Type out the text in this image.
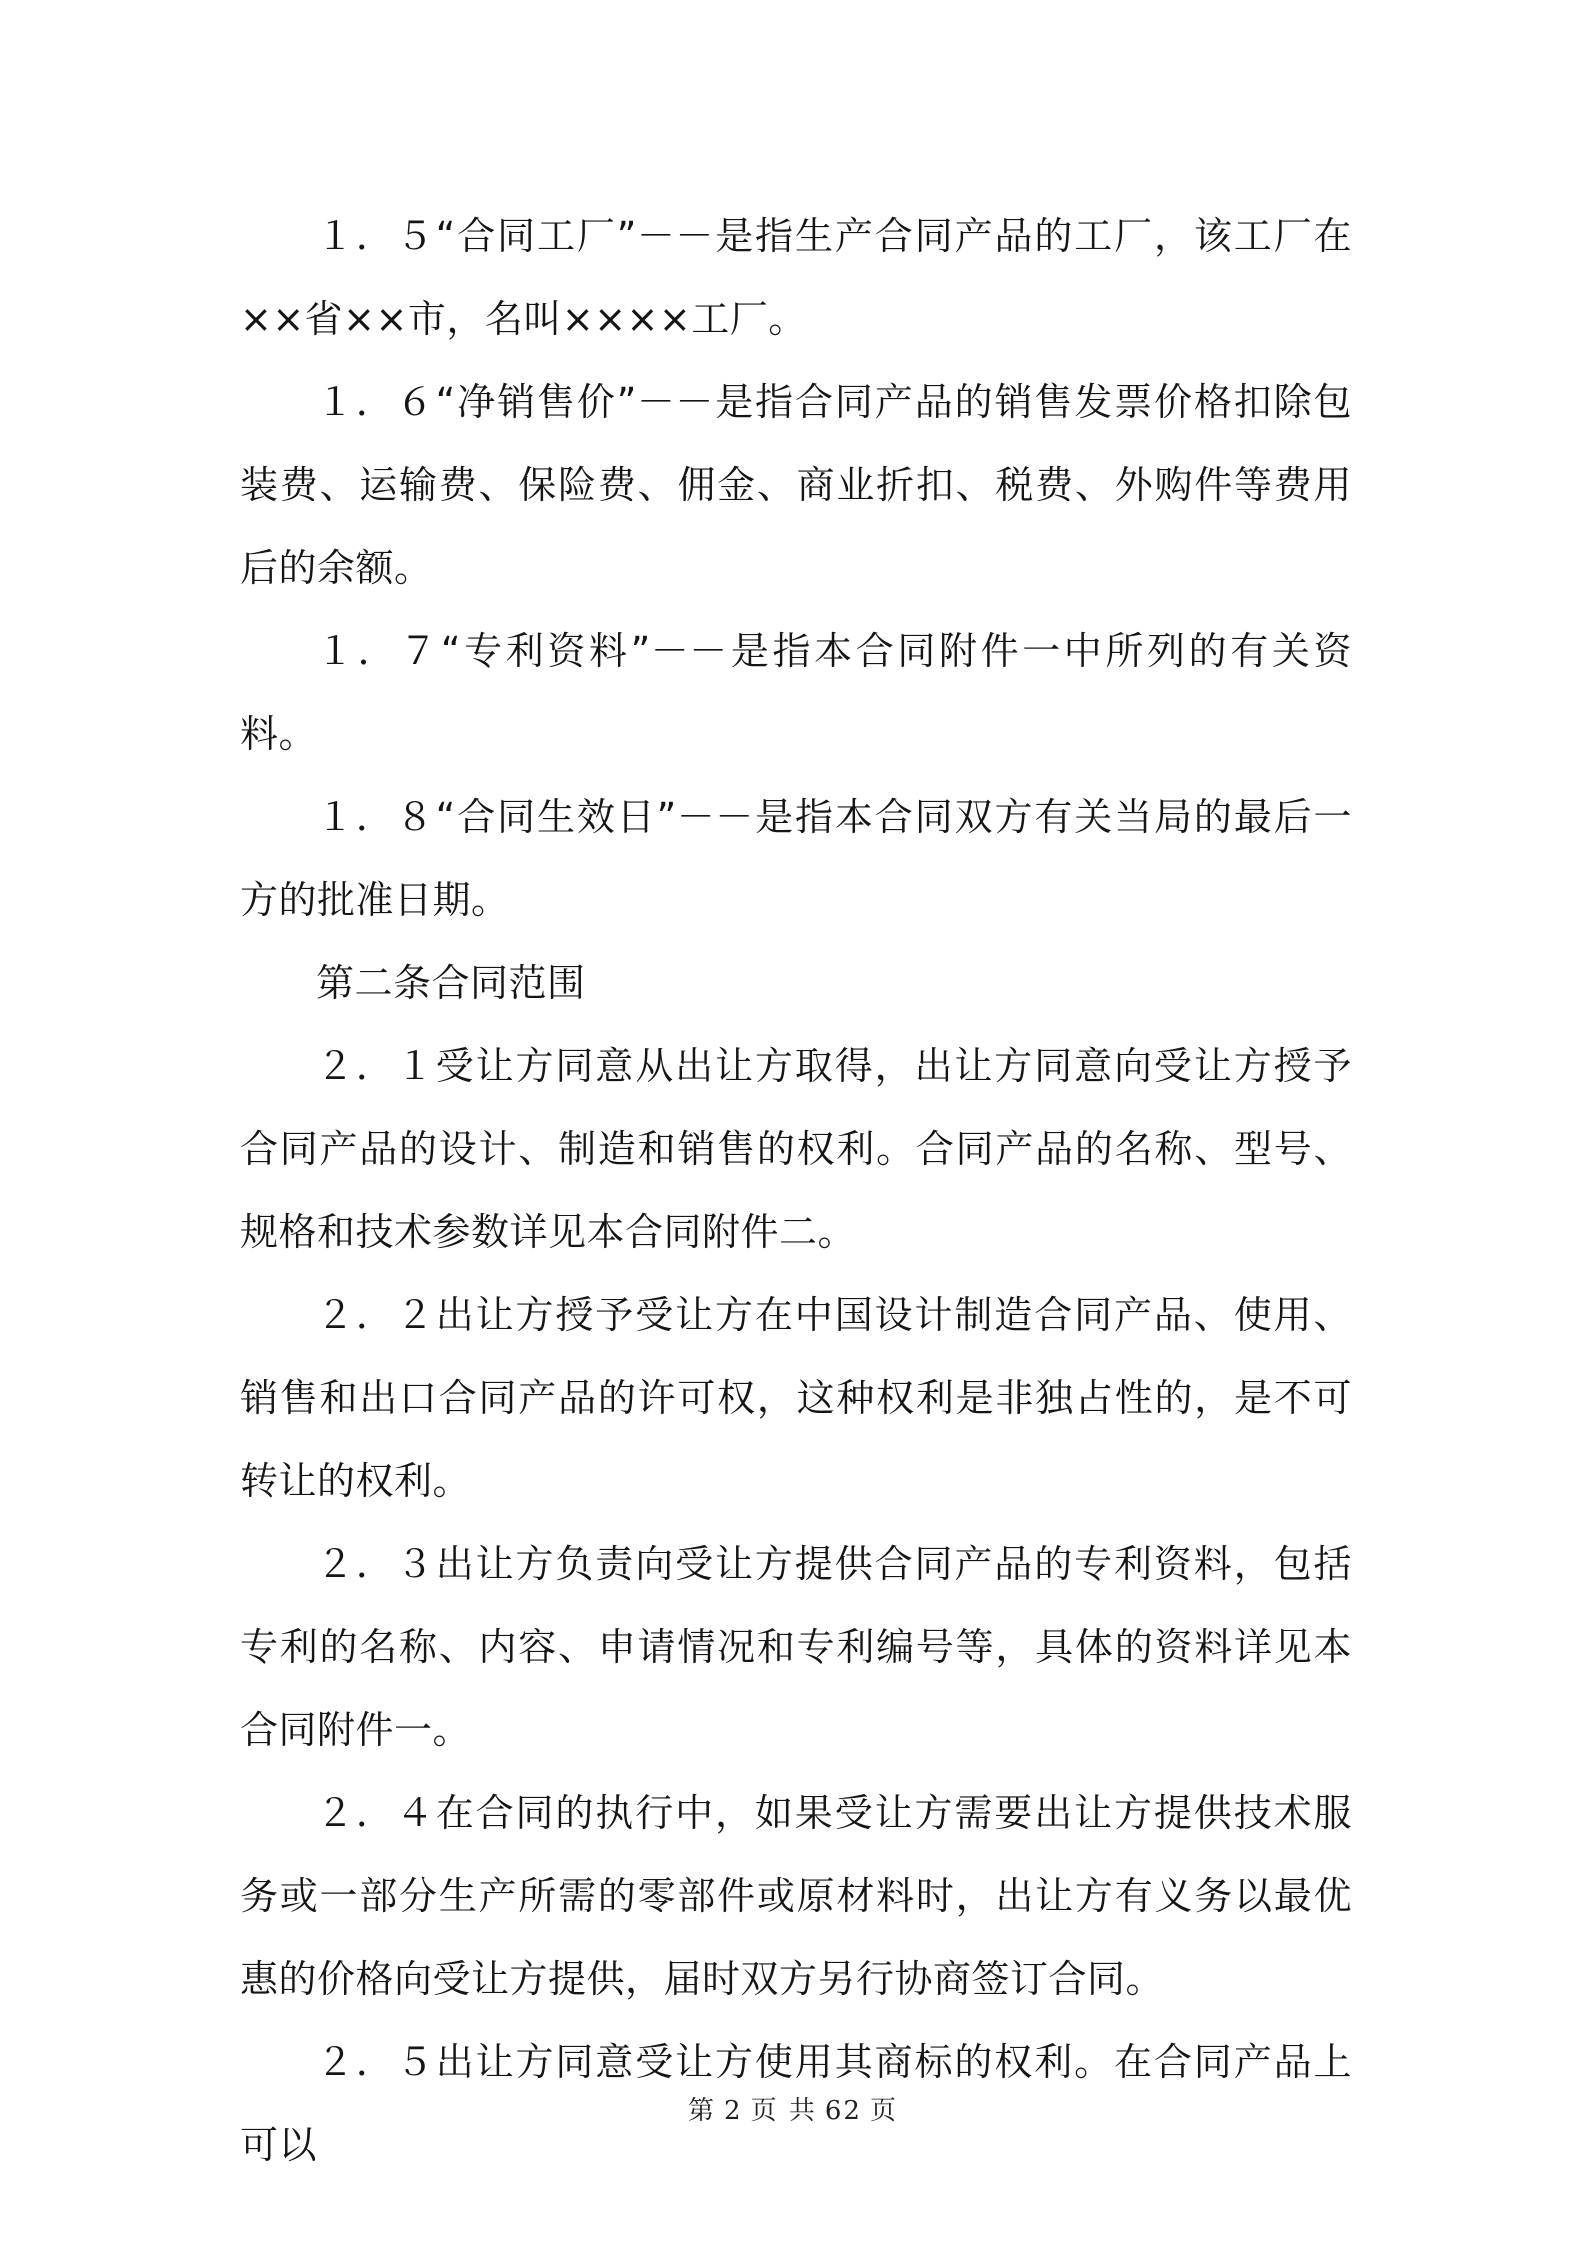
１．５“合同工厂”－－是指生产合同产品的工厂，该工厂在××省××市，名叫××××工厂。

１．６“净销售价”－－是指合同产品的销售发票价格扣除包装费、运输费、保险费、佣金、商业折扣、税费、外购件等费用后的余额。

１．７“专利资料”－－是指本合同附件一中所列的有关资料。

１．８“合同生效日”－－是指本合同双方有关当局的最后一方的批准日期。

第二条合同范围

２．１受让方同意从出让方取得，出让方同意向受让方授予合同产品的设计、制造和销售的权利。合同产品的名称、型号、规格和技术参数详见本合同附件二。

２．２出让方授予受让方在中国设计制造合同产品、使用、销售和出口合同产品的许可权，这种权利是非独占性的，是不可转让的权利。

２．３出让方负责向受让方提供合同产品的专利资料，包括专利的名称、内容、申请情况和专利编号等，具体的资料详见本合同附件一。

２．４在合同的执行中，如果受让方需要出让方提供技术服务或一部分生产所需的零部件或原材料时，出让方有义务以最优惠的价格向受让方提供，届时双方另行协商签订合同。

２．５出让方同意受让方使用其商标的权利。在合同产品上可以

第 2 页 共 62 页
